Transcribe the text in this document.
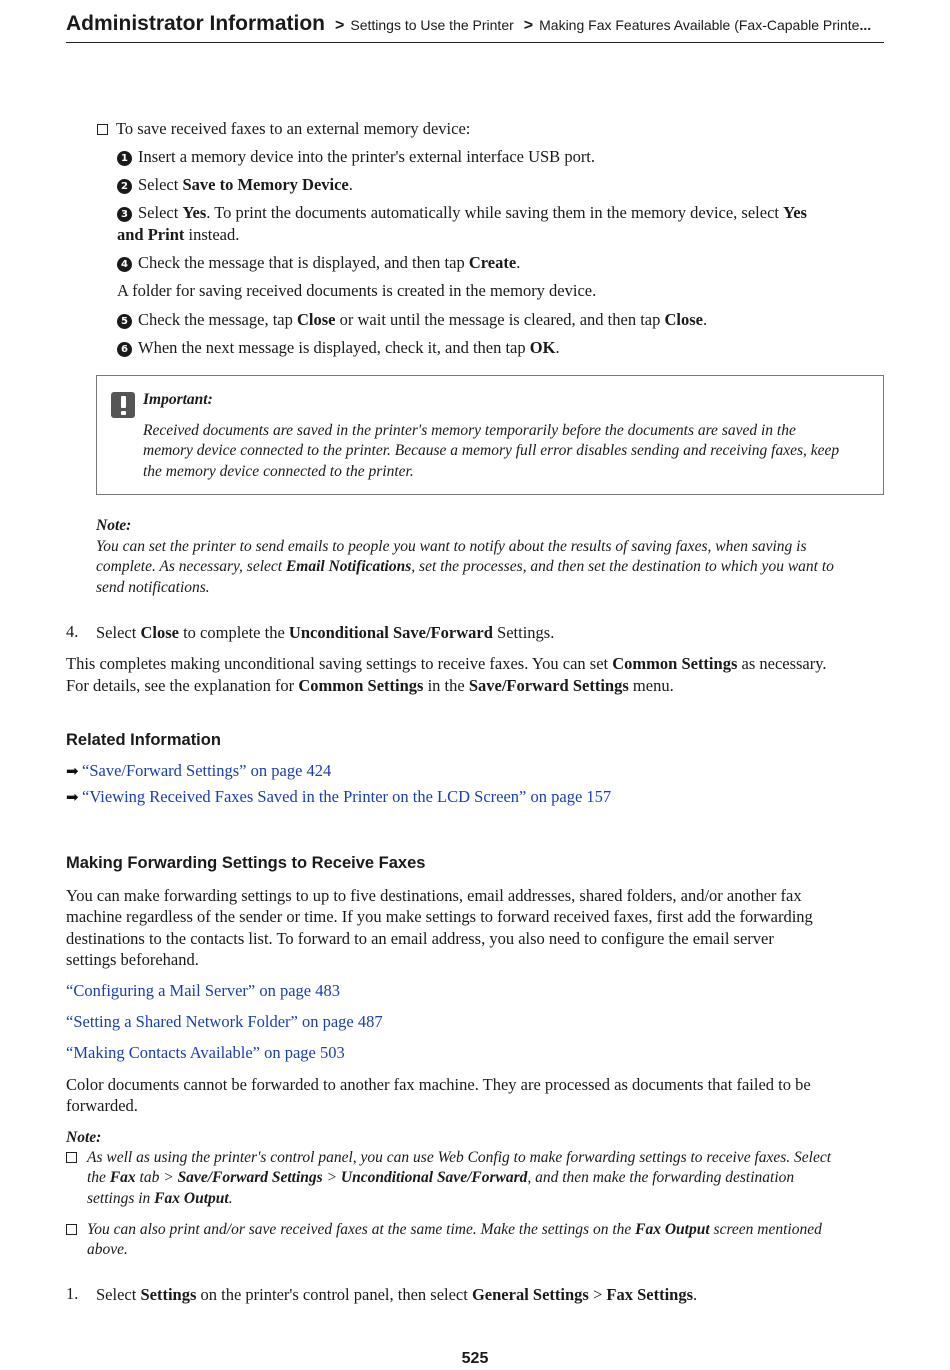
Administrator Information > Settings to Use the Printer > Making Fax Features Available (Fax-Capable Printe...
To save received faxes to an external memory device:
1 Insert a memory device into the printer's external interface USB port.
2 Select Save to Memory Device.
3 Select Yes. To print the documents automatically while saving them in the memory device, select Yes
and Print instead.
4 Check the message that is displayed, and then tap Create.
A folder for saving received documents is created in the memory device.
5 Check the message, tap Close or wait until the message is cleared, and then tap Close.
6 When the next message is displayed, check it, and then tap OK.
Important:
Received documents are saved in the printer's memory temporarily before the documents are saved in the
memory device connected to the printer. Because a memory full error disables sending and receiving faxes, keep
the memory device connected to the printer.
Note:
You can set the printer to send emails to people you want to notify about the results of saving faxes, when saving is
complete. As necessary, select Email Notifications, set the processes, and then set the destination to which you want to
send notifications.
4. Select Close to complete the Unconditional Save/Forward Settings.
This completes making unconditional saving settings to receive faxes. You can set Common Settings as necessary.
For details, see the explanation for Common Settings in the Save/Forward Settings menu.
Related Information
➡ “Save/Forward Settings” on page 424
➡ “Viewing Received Faxes Saved in the Printer on the LCD Screen” on page 157
Making Forwarding Settings to Receive Faxes
You can make forwarding settings to up to five destinations, email addresses, shared folders, and/or another fax
machine regardless of the sender or time. If you make settings to forward received faxes, first add the forwarding
destinations to the contacts list. To forward to an email address, you also need to configure the email server
settings beforehand.
“Configuring a Mail Server” on page 483
“Setting a Shared Network Folder” on page 487
“Making Contacts Available” on page 503
Color documents cannot be forwarded to another fax machine. They are processed as documents that failed to be
forwarded.
Note:
As well as using the printer's control panel, you can use Web Config to make forwarding settings to receive faxes. Select
the Fax tab > Save/Forward Settings > Unconditional Save/Forward, and then make the forwarding destination
settings in Fax Output.
You can also print and/or save received faxes at the same time. Make the settings on the Fax Output screen mentioned
above.
1. Select Settings on the printer's control panel, then select General Settings > Fax Settings.
525
